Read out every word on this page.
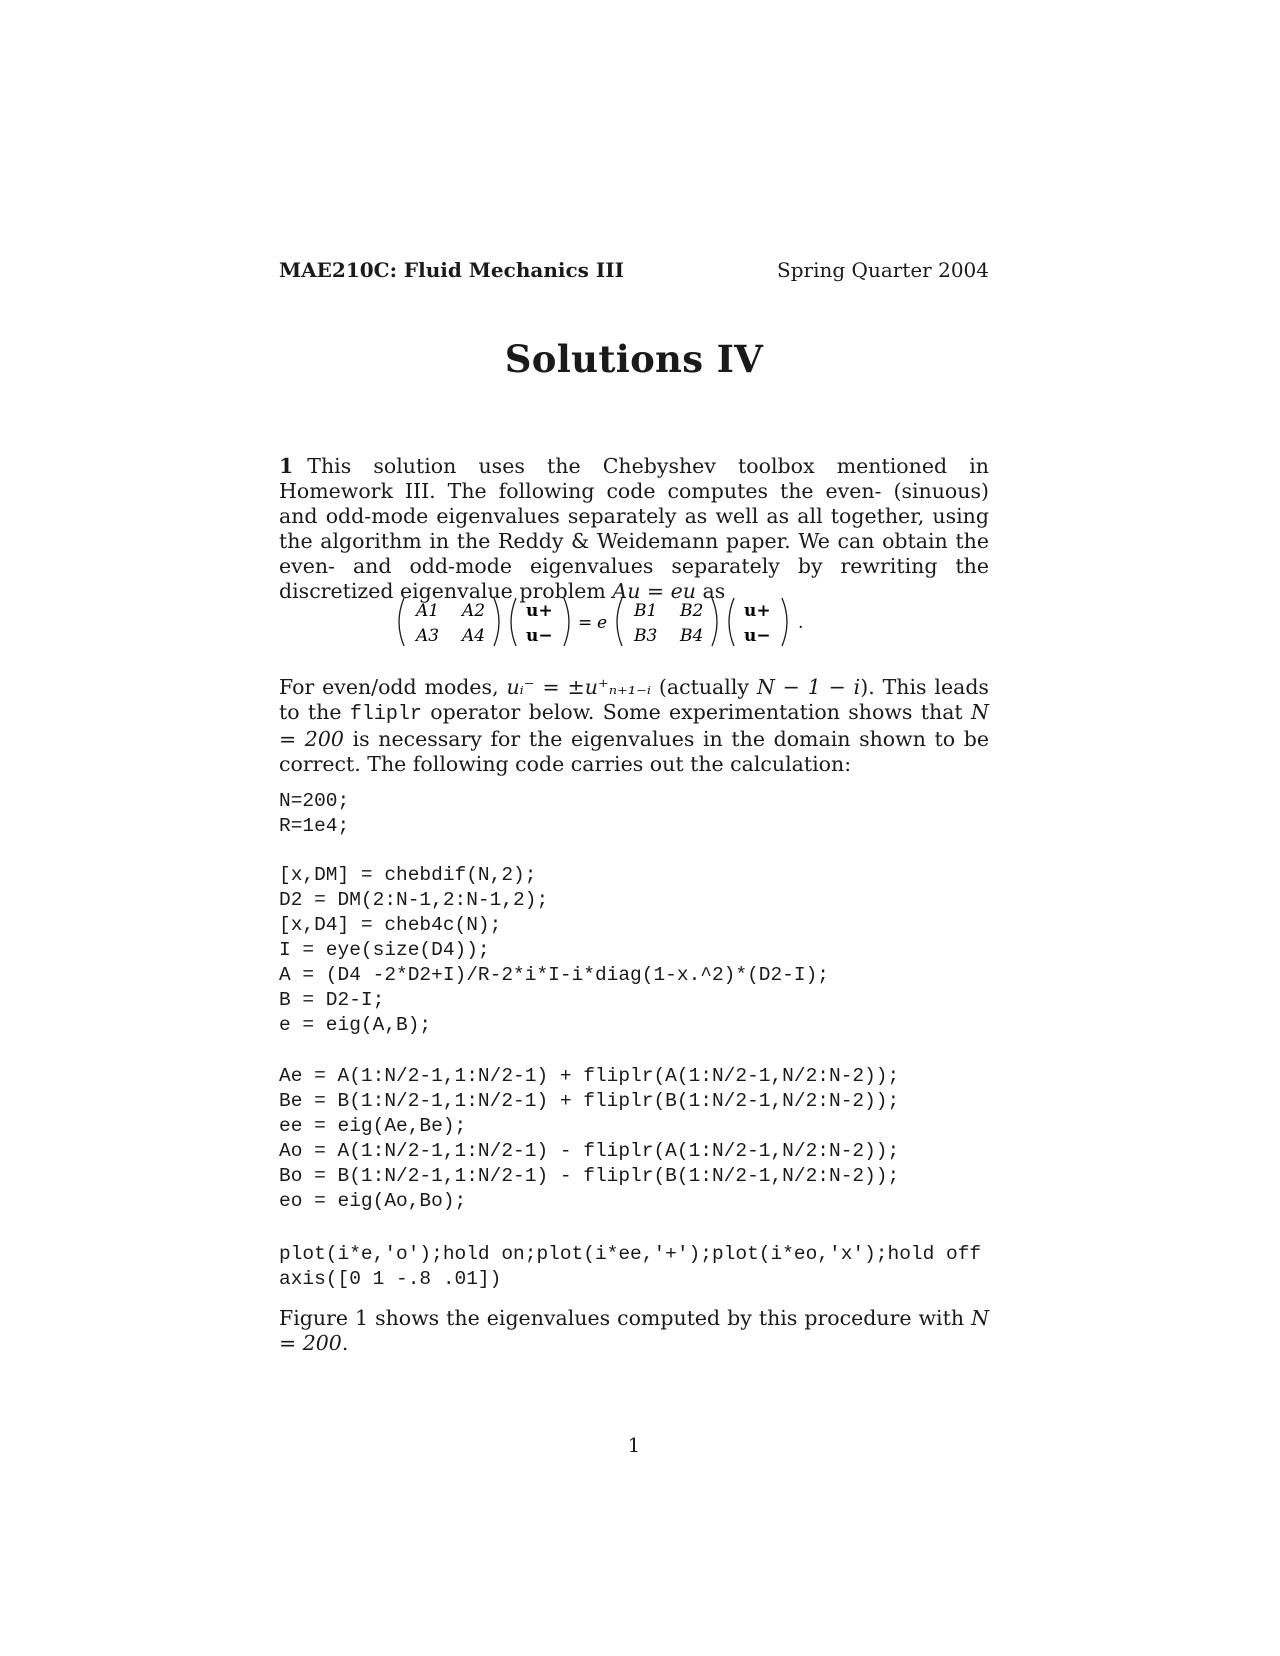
MAE210C: Fluid Mechanics III	Spring Quarter 2004
Solutions IV
1 This solution uses the Chebyshev toolbox mentioned in Homework III. The following code computes the even- (sinuous) and odd-mode eigenvalues separately as well as all together, using the algorithm in the Reddy & Weidemann paper. We can obtain the even- and odd-mode eigenvalues separately by rewriting the discretized eigenvalue problem Au = eu as
A1 A2
A3 A4
u+
u−
= e
B1 B2
B3 B4
u+
u−
.
For even/odd modes, uᵢ⁻ = ±u⁺ₙ₊₁₋ᵢ (actually N − 1 − i). This leads to the fliplr operator below. Some experimentation shows that N = 200 is necessary for the eigenvalues in the domain shown to be correct. The following code carries out the calculation:
N=200;
R=1e4;
[x,DM] = chebdif(N,2);
D2 = DM(2:N-1,2:N-1,2);
[x,D4] = cheb4c(N);
I = eye(size(D4));
A = (D4 -2*D2+I)/R-2*i*I-i*diag(1-x.^2)*(D2-I);
B = D2-I;
e = eig(A,B);
Ae = A(1:N/2-1,1:N/2-1) + fliplr(A(1:N/2-1,N/2:N-2));
Be = B(1:N/2-1,1:N/2-1) + fliplr(B(1:N/2-1,N/2:N-2));
ee = eig(Ae,Be);
Ao = A(1:N/2-1,1:N/2-1) - fliplr(A(1:N/2-1,N/2:N-2));
Bo = B(1:N/2-1,1:N/2-1) - fliplr(B(1:N/2-1,N/2:N-2));
eo = eig(Ao,Bo);
plot(i*e,'o');hold on;plot(i*ee,'+');plot(i*eo,'x');hold off
axis([0 1 -.8 .01])
Figure 1 shows the eigenvalues computed by this procedure with N = 200.
1
